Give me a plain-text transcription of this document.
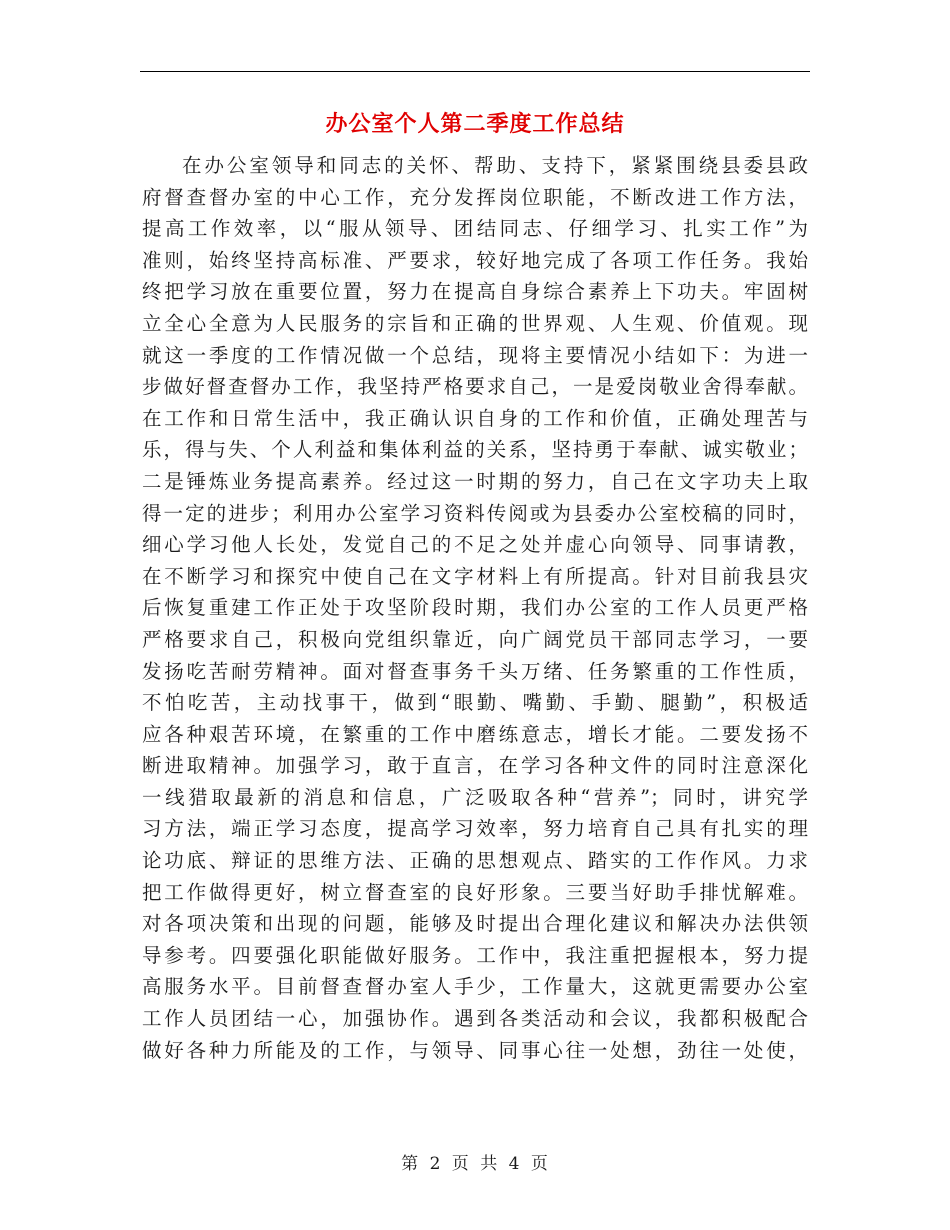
办公室个人第二季度工作总结
在办公室领导和同志的关怀、帮助、支持下，紧紧围绕县委县政
府督查督办室的中心工作，充分发挥岗位职能，不断改进工作方法，
提高工作效率，以“服从领导、团结同志、仔细学习、扎实工作”为
准则，始终坚持高标准、严要求，较好地完成了各项工作任务。我始
终把学习放在重要位置，努力在提高自身综合素养上下功夫。牢固树
立全心全意为人民服务的宗旨和正确的世界观、人生观、价值观。现
就这一季度的工作情况做一个总结，现将主要情况小结如下：为进一
步做好督查督办工作，我坚持严格要求自己，一是爱岗敬业舍得奉献。
在工作和日常生活中，我正确认识自身的工作和价值，正确处理苦与
乐，得与失、个人利益和集体利益的关系，坚持勇于奉献、诚实敬业；
二是锤炼业务提高素养。经过这一时期的努力，自己在文字功夫上取
得一定的进步；利用办公室学习资料传阅或为县委办公室校稿的同时，
细心学习他人长处，发觉自己的不足之处并虚心向领导、同事请教，
在不断学习和探究中使自己在文字材料上有所提高。针对目前我县灾
后恢复重建工作正处于攻坚阶段时期，我们办公室的工作人员更严格
严格要求自己，积极向党组织靠近，向广阔党员干部同志学习，一要
发扬吃苦耐劳精神。面对督查事务千头万绪、任务繁重的工作性质，
不怕吃苦，主动找事干，做到“眼勤、嘴勤、手勤、腿勤”，积极适
应各种艰苦环境，在繁重的工作中磨练意志，增长才能。二要发扬不
断进取精神。加强学习，敢于直言，在学习各种文件的同时注意深化
一线猎取最新的消息和信息，广泛吸取各种“营养”；同时，讲究学
习方法，端正学习态度，提高学习效率，努力培育自己具有扎实的理
论功底、辩证的思维方法、正确的思想观点、踏实的工作作风。力求
把工作做得更好，树立督查室的良好形象。三要当好助手排忧解难。
对各项决策和出现的问题，能够及时提出合理化建议和解决办法供领
导参考。四要强化职能做好服务。工作中，我注重把握根本，努力提
高服务水平。目前督查督办室人手少，工作量大，这就更需要办公室
工作人员团结一心，加强协作。遇到各类活动和会议，我都积极配合
做好各种力所能及的工作，与领导、同事心往一处想，劲往一处使，
第 2 页 共 4 页
